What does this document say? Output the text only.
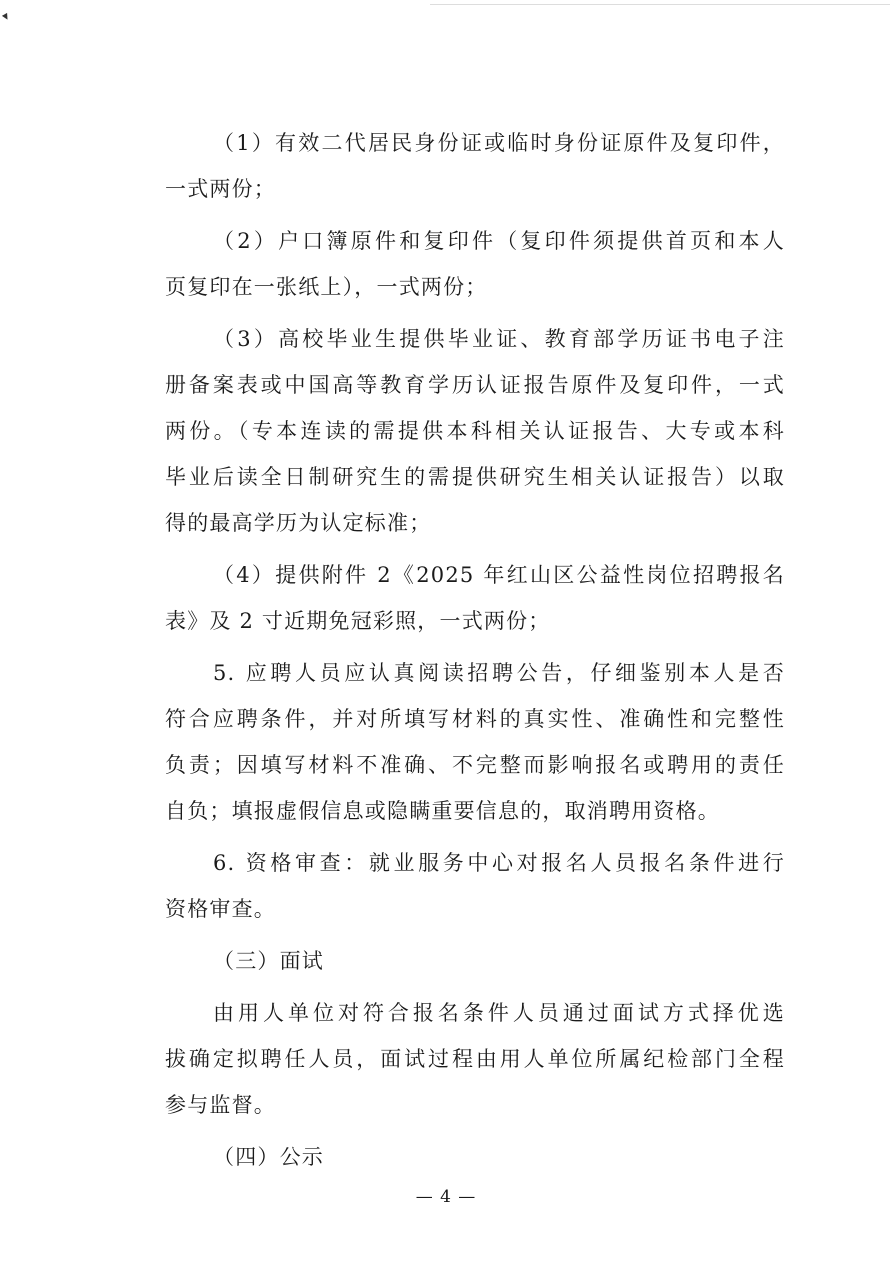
（1）有效二代居民身份证或临时身份证原件及复印件，
一式两份；
（2）户口簿原件和复印件（复印件须提供首页和本人
页复印在一张纸上），一式两份；
（3）高校毕业生提供毕业证、教育部学历证书电子注
册备案表或中国高等教育学历认证报告原件及复印件，一式
两份。（专本连读的需提供本科相关认证报告、大专或本科
毕业后读全日制研究生的需提供研究生相关认证报告）以取
得的最高学历为认定标准；
（4）提供附件 2《2025 年红山区公益性岗位招聘报名
表》及 2 寸近期免冠彩照，一式两份；
5. 应聘人员应认真阅读招聘公告，仔细鉴别本人是否
符合应聘条件，并对所填写材料的真实性、准确性和完整性
负责；因填写材料不准确、不完整而影响报名或聘用的责任
自负；填报虚假信息或隐瞒重要信息的，取消聘用资格。
6. 资格审查：就业服务中心对报名人员报名条件进行
资格审查。
（三）面试
由用人单位对符合报名条件人员通过面试方式择优选
拔确定拟聘任人员，面试过程由用人单位所属纪检部门全程
参与监督。
（四）公示
— 4 —
